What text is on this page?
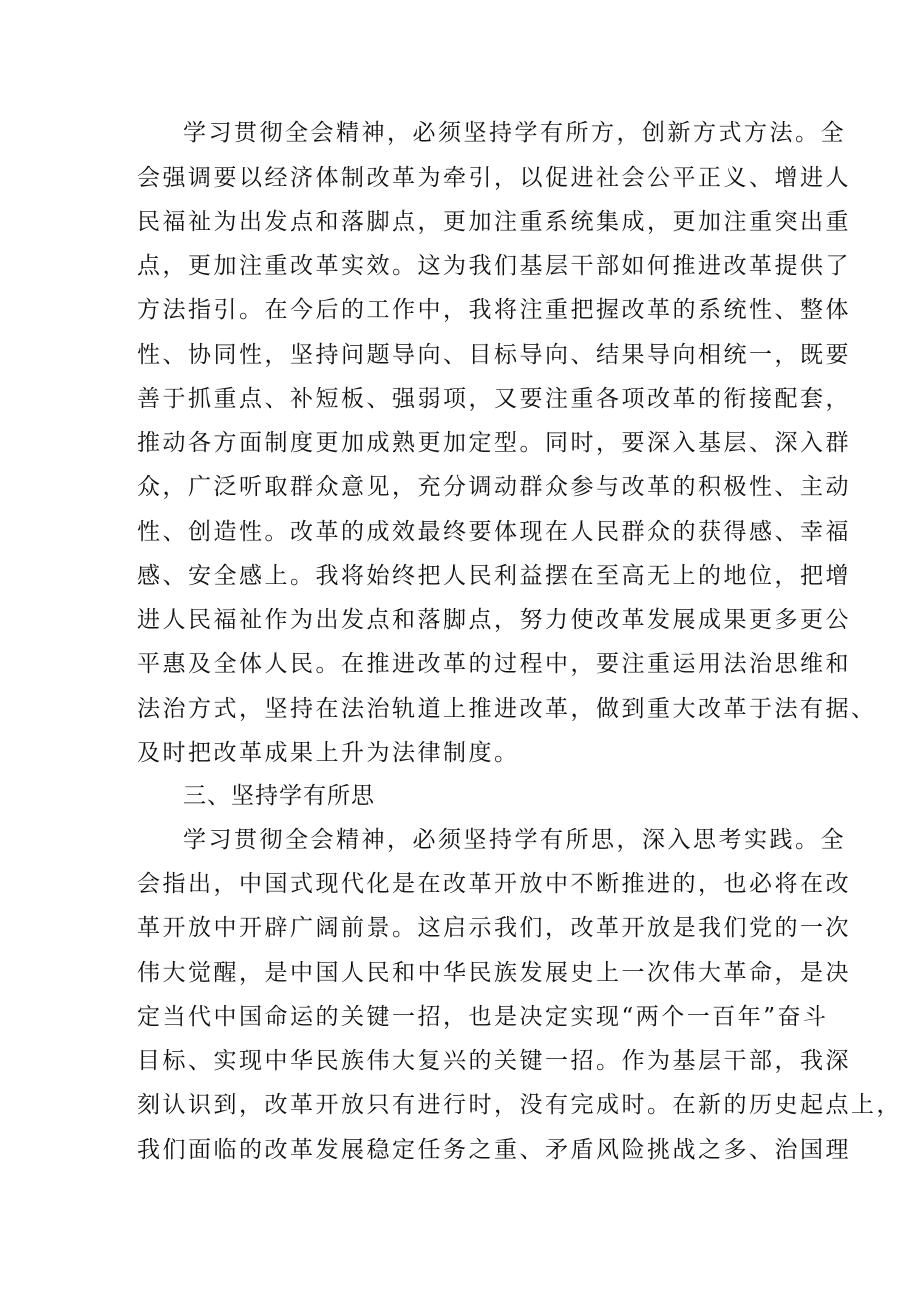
学习贯彻全会精神，必须坚持学有所方，创新方式方法。全
会强调要以经济体制改革为牵引，以促进社会公平正义、增进人
民福祉为出发点和落脚点，更加注重系统集成，更加注重突出重
点，更加注重改革实效。这为我们基层干部如何推进改革提供了
方法指引。在今后的工作中，我将注重把握改革的系统性、整体
性、协同性，坚持问题导向、目标导向、结果导向相统一，既要
善于抓重点、补短板、强弱项，又要注重各项改革的衔接配套，
推动各方面制度更加成熟更加定型。同时，要深入基层、深入群
众，广泛听取群众意见，充分调动群众参与改革的积极性、主动
性、创造性。改革的成效最终要体现在人民群众的获得感、幸福
感、安全感上。我将始终把人民利益摆在至高无上的地位，把增
进人民福祉作为出发点和落脚点，努力使改革发展成果更多更公
平惠及全体人民。在推进改革的过程中，要注重运用法治思维和
法治方式，坚持在法治轨道上推进改革，做到重大改革于法有据、
及时把改革成果上升为法律制度。
三、坚持学有所思
学习贯彻全会精神，必须坚持学有所思，深入思考实践。全
会指出，中国式现代化是在改革开放中不断推进的，也必将在改
革开放中开辟广阔前景。这启示我们，改革开放是我们党的一次
伟大觉醒，是中国人民和中华民族发展史上一次伟大革命，是决
定当代中国命运的关键一招，也是决定实现“两个一百年”奋斗
目标、实现中华民族伟大复兴的关键一招。作为基层干部，我深
刻认识到，改革开放只有进行时，没有完成时。在新的历史起点上，
我们面临的改革发展稳定任务之重、矛盾风险挑战之多、治国理
